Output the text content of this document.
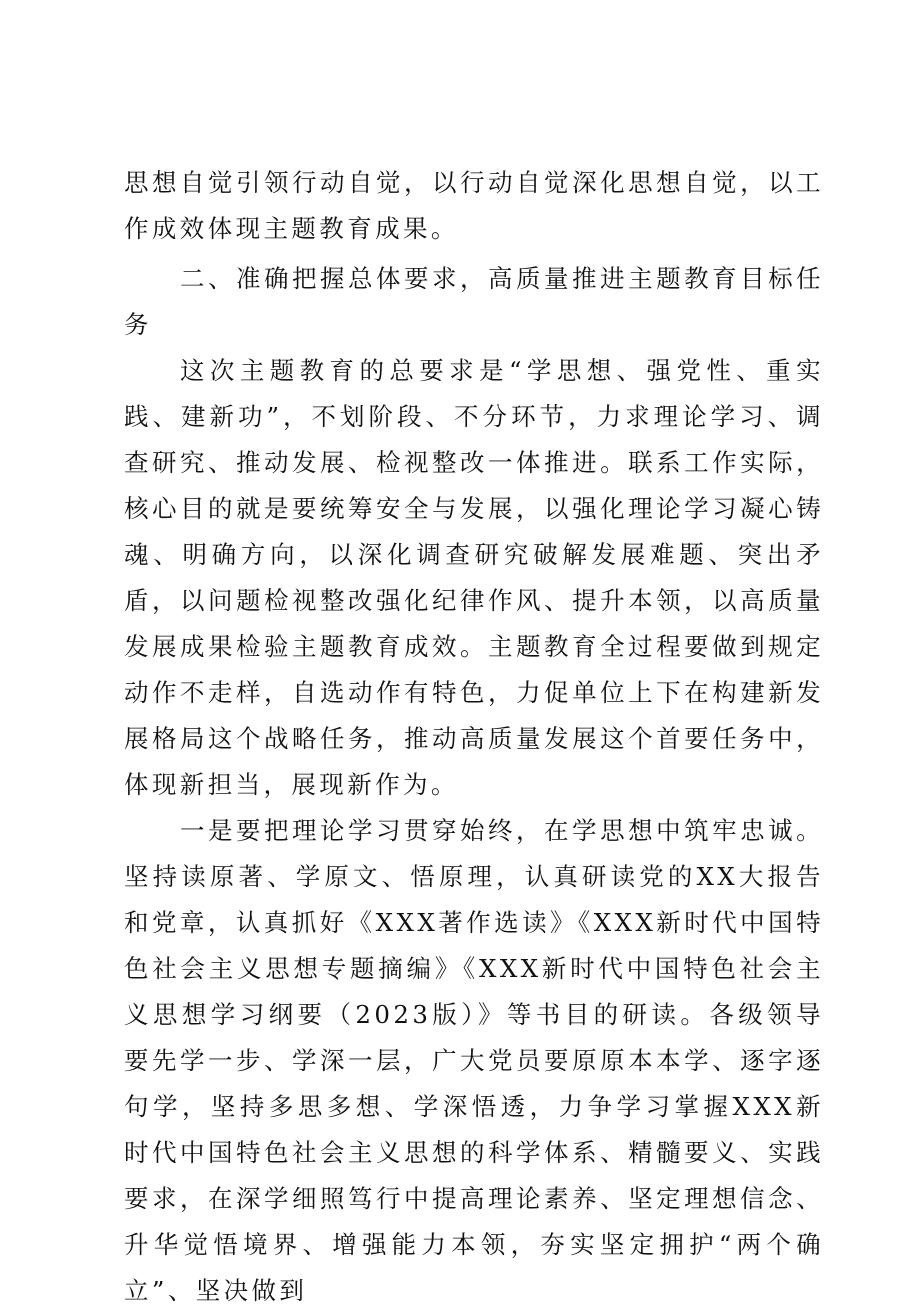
思想自觉引领行动自觉，以行动自觉深化思想自觉，以工作成效体现主题教育成果。

二、准确把握总体要求，高质量推进主题教育目标任务

这次主题教育的总要求是“学思想、强党性、重实践、建新功”，不划阶段、不分环节，力求理论学习、调查研究、推动发展、检视整改一体推进。联系工作实际，核心目的就是要统筹安全与发展，以强化理论学习凝心铸魂、明确方向，以深化调查研究破解发展难题、突出矛盾，以问题检视整改强化纪律作风、提升本领，以高质量发展成果检验主题教育成效。主题教育全过程要做到规定动作不走样，自选动作有特色，力促单位上下在构建新发展格局这个战略任务，推动高质量发展这个首要任务中，体现新担当，展现新作为。

一是要把理论学习贯穿始终，在学思想中筑牢忠诚。坚持读原著、学原文、悟原理，认真研读党的XX大报告和党章，认真抓好《XXX著作选读》《XXX新时代中国特色社会主义思想专题摘编》《XXX新时代中国特色社会主义思想学习纲要（2023版）》等书目的研读。各级领导要先学一步、学深一层，广大党员要原原本本学、逐字逐句学，坚持多思多想、学深悟透，力争学习掌握XXX新时代中国特色社会主义思想的科学体系、精髓要义、实践要求，在深学细照笃行中提高理论素养、坚定理想信念、升华觉悟境界、增强能力本领，夯实坚定拥护“两个确立”、坚决做到
